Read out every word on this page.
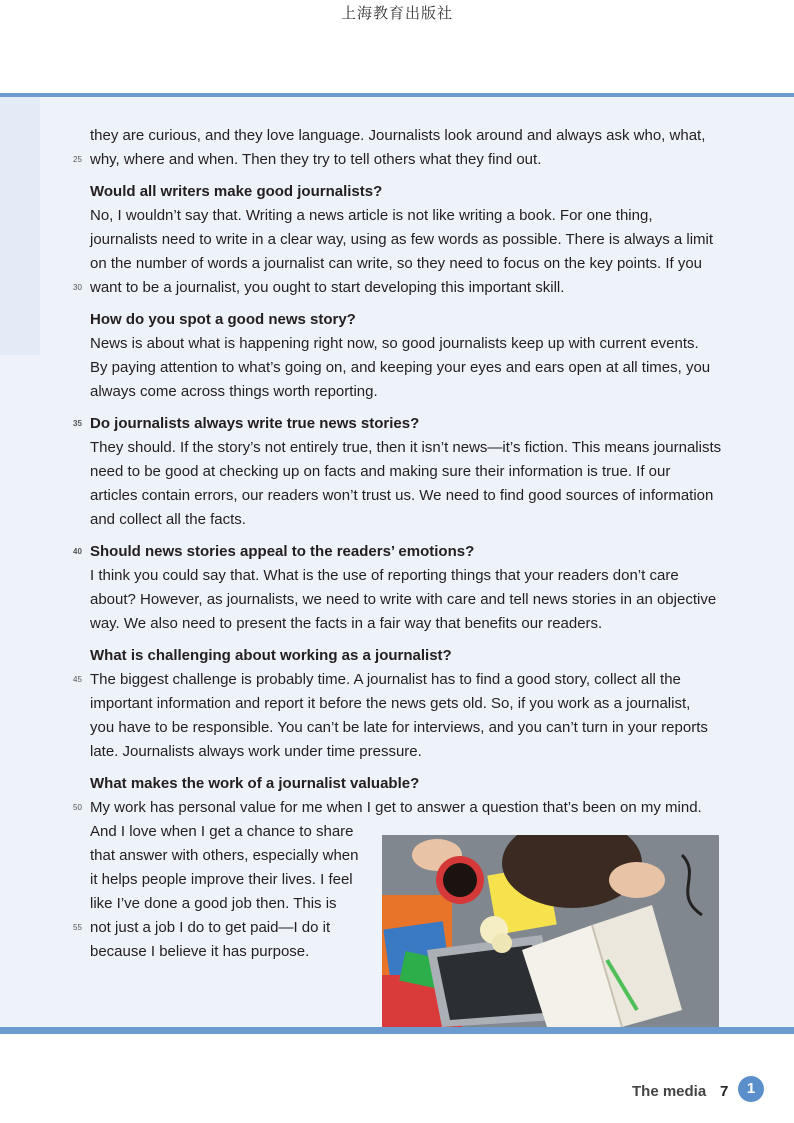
上海教育出版社
they are curious, and they love language. Journalists look around and always ask who, what,
25 why, where and when. Then they try to tell others what they find out.
Would all writers make good journalists?
No, I wouldn’t say that. Writing a news article is not like writing a book. For one thing,
journalists need to write in a clear way, using as few words as possible. There is always a limit
on the number of words a journalist can write, so they need to focus on the key points. If you
30 want to be a journalist, you ought to start developing this important skill.
How do you spot a good news story?
News is about what is happening right now, so good journalists keep up with current events.
By paying attention to what’s going on, and keeping your eyes and ears open at all times, you
always come across things worth reporting.
35 Do journalists always write true news stories?
They should. If the story’s not entirely true, then it isn’t news—it’s fiction. This means journalists
need to be good at checking up on facts and making sure their information is true. If our
articles contain errors, our readers won’t trust us. We need to find good sources of information
and collect all the facts.
40 Should news stories appeal to the readers’ emotions?
I think you could say that. What is the use of reporting things that your readers don’t care
about? However, as journalists, we need to write with care and tell news stories in an objective
way. We also need to present the facts in a fair way that benefits our readers.
What is challenging about working as a journalist?
45 The biggest challenge is probably time. A journalist has to find a good story, collect all the
important information and report it before the news gets old. So, if you work as a journalist,
you have to be responsible. You can’t be late for interviews, and you can’t turn in your reports
late. Journalists always work under time pressure.
What makes the work of a journalist valuable?
50 My work has personal value for me when I get to answer a question that’s been on my mind.
And I love when I get a chance to share
that answer with others, especially when
it helps people improve their lives. I feel
like I’ve done a good job then. This is
55 not just a job I do to get paid—I do it
because I believe it has purpose.
The media 7	1
